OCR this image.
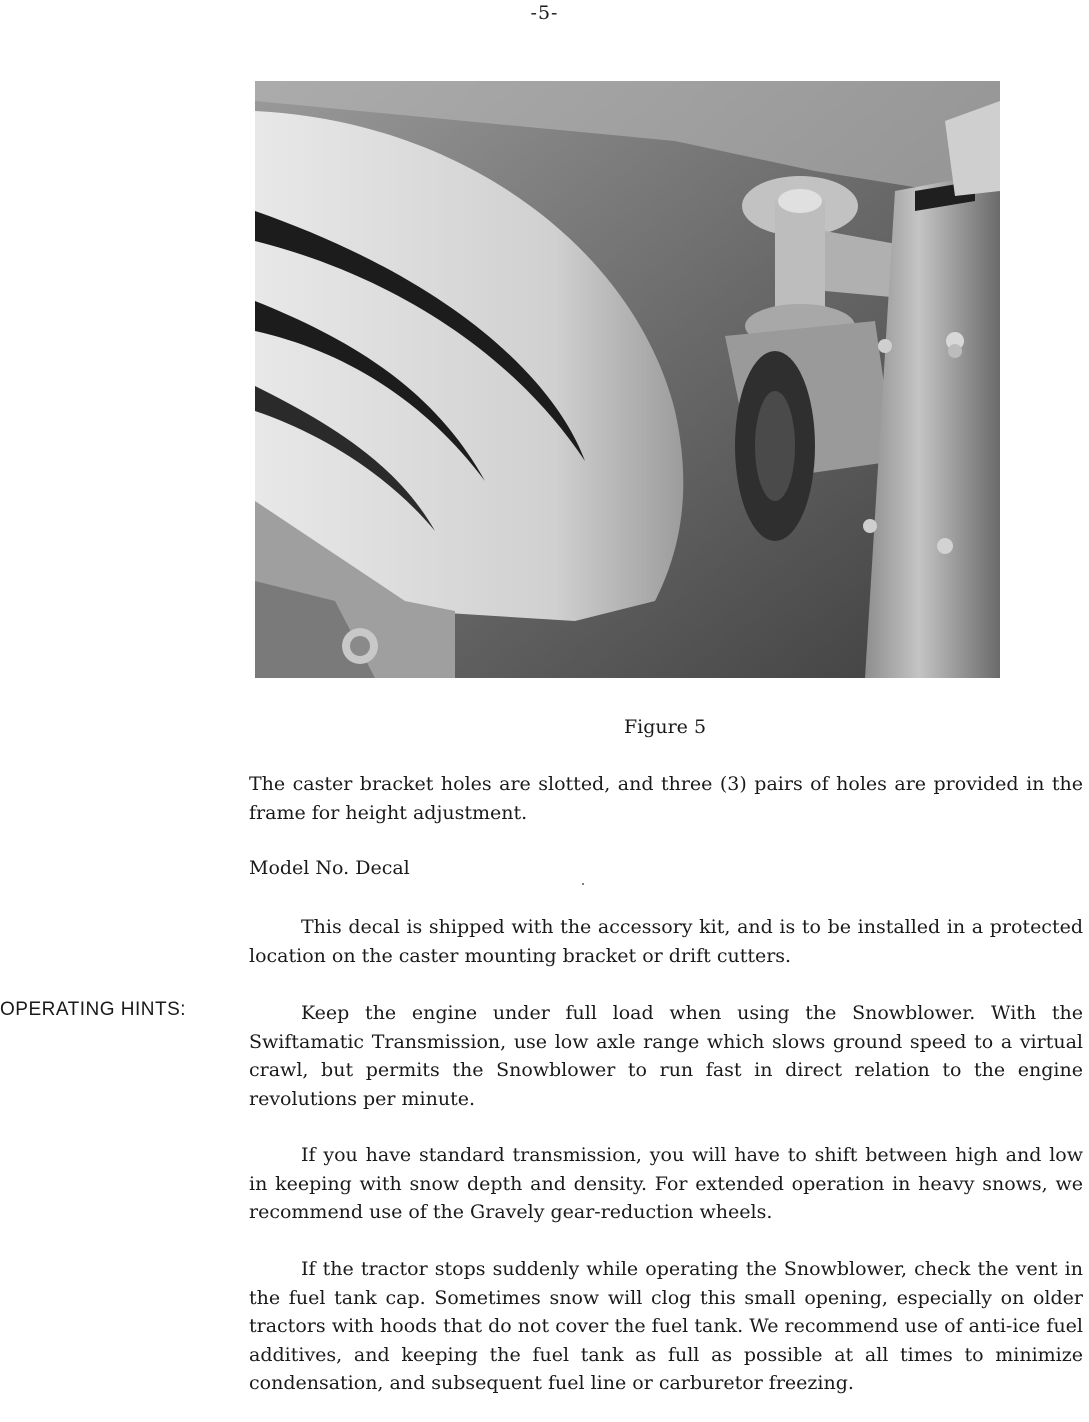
-5-
Figure 5

The caster bracket holes are slotted, and three (3) pairs of holes are provided in the frame for height adjustment.

Model No. Decal

This decal is shipped with the accessory kit, and is to be installed in a protected location on the caster mounting bracket or drift cutters.

OPERATING HINTS:	Keep the engine under full load when using the Snowblower. With the Swiftamatic Transmission, use low axle range which slows ground speed to a virtual crawl, but permits the Snowblower to run fast in direct relation to the engine revolutions per minute.

If you have standard transmission, you will have to shift between high and low in keeping with snow depth and density. For extended operation in heavy snows, we recommend use of the Gravely gear-reduction wheels.

If the tractor stops suddenly while operating the Snowblower, check the vent in the fuel tank cap. Sometimes snow will clog this small opening, especially on older tractors with hoods that do not cover the fuel tank. We recommend use of anti-ice fuel additives, and keeping the fuel tank as full as possible at all times to minimize condensation, and subsequent fuel line or carburetor freezing.
